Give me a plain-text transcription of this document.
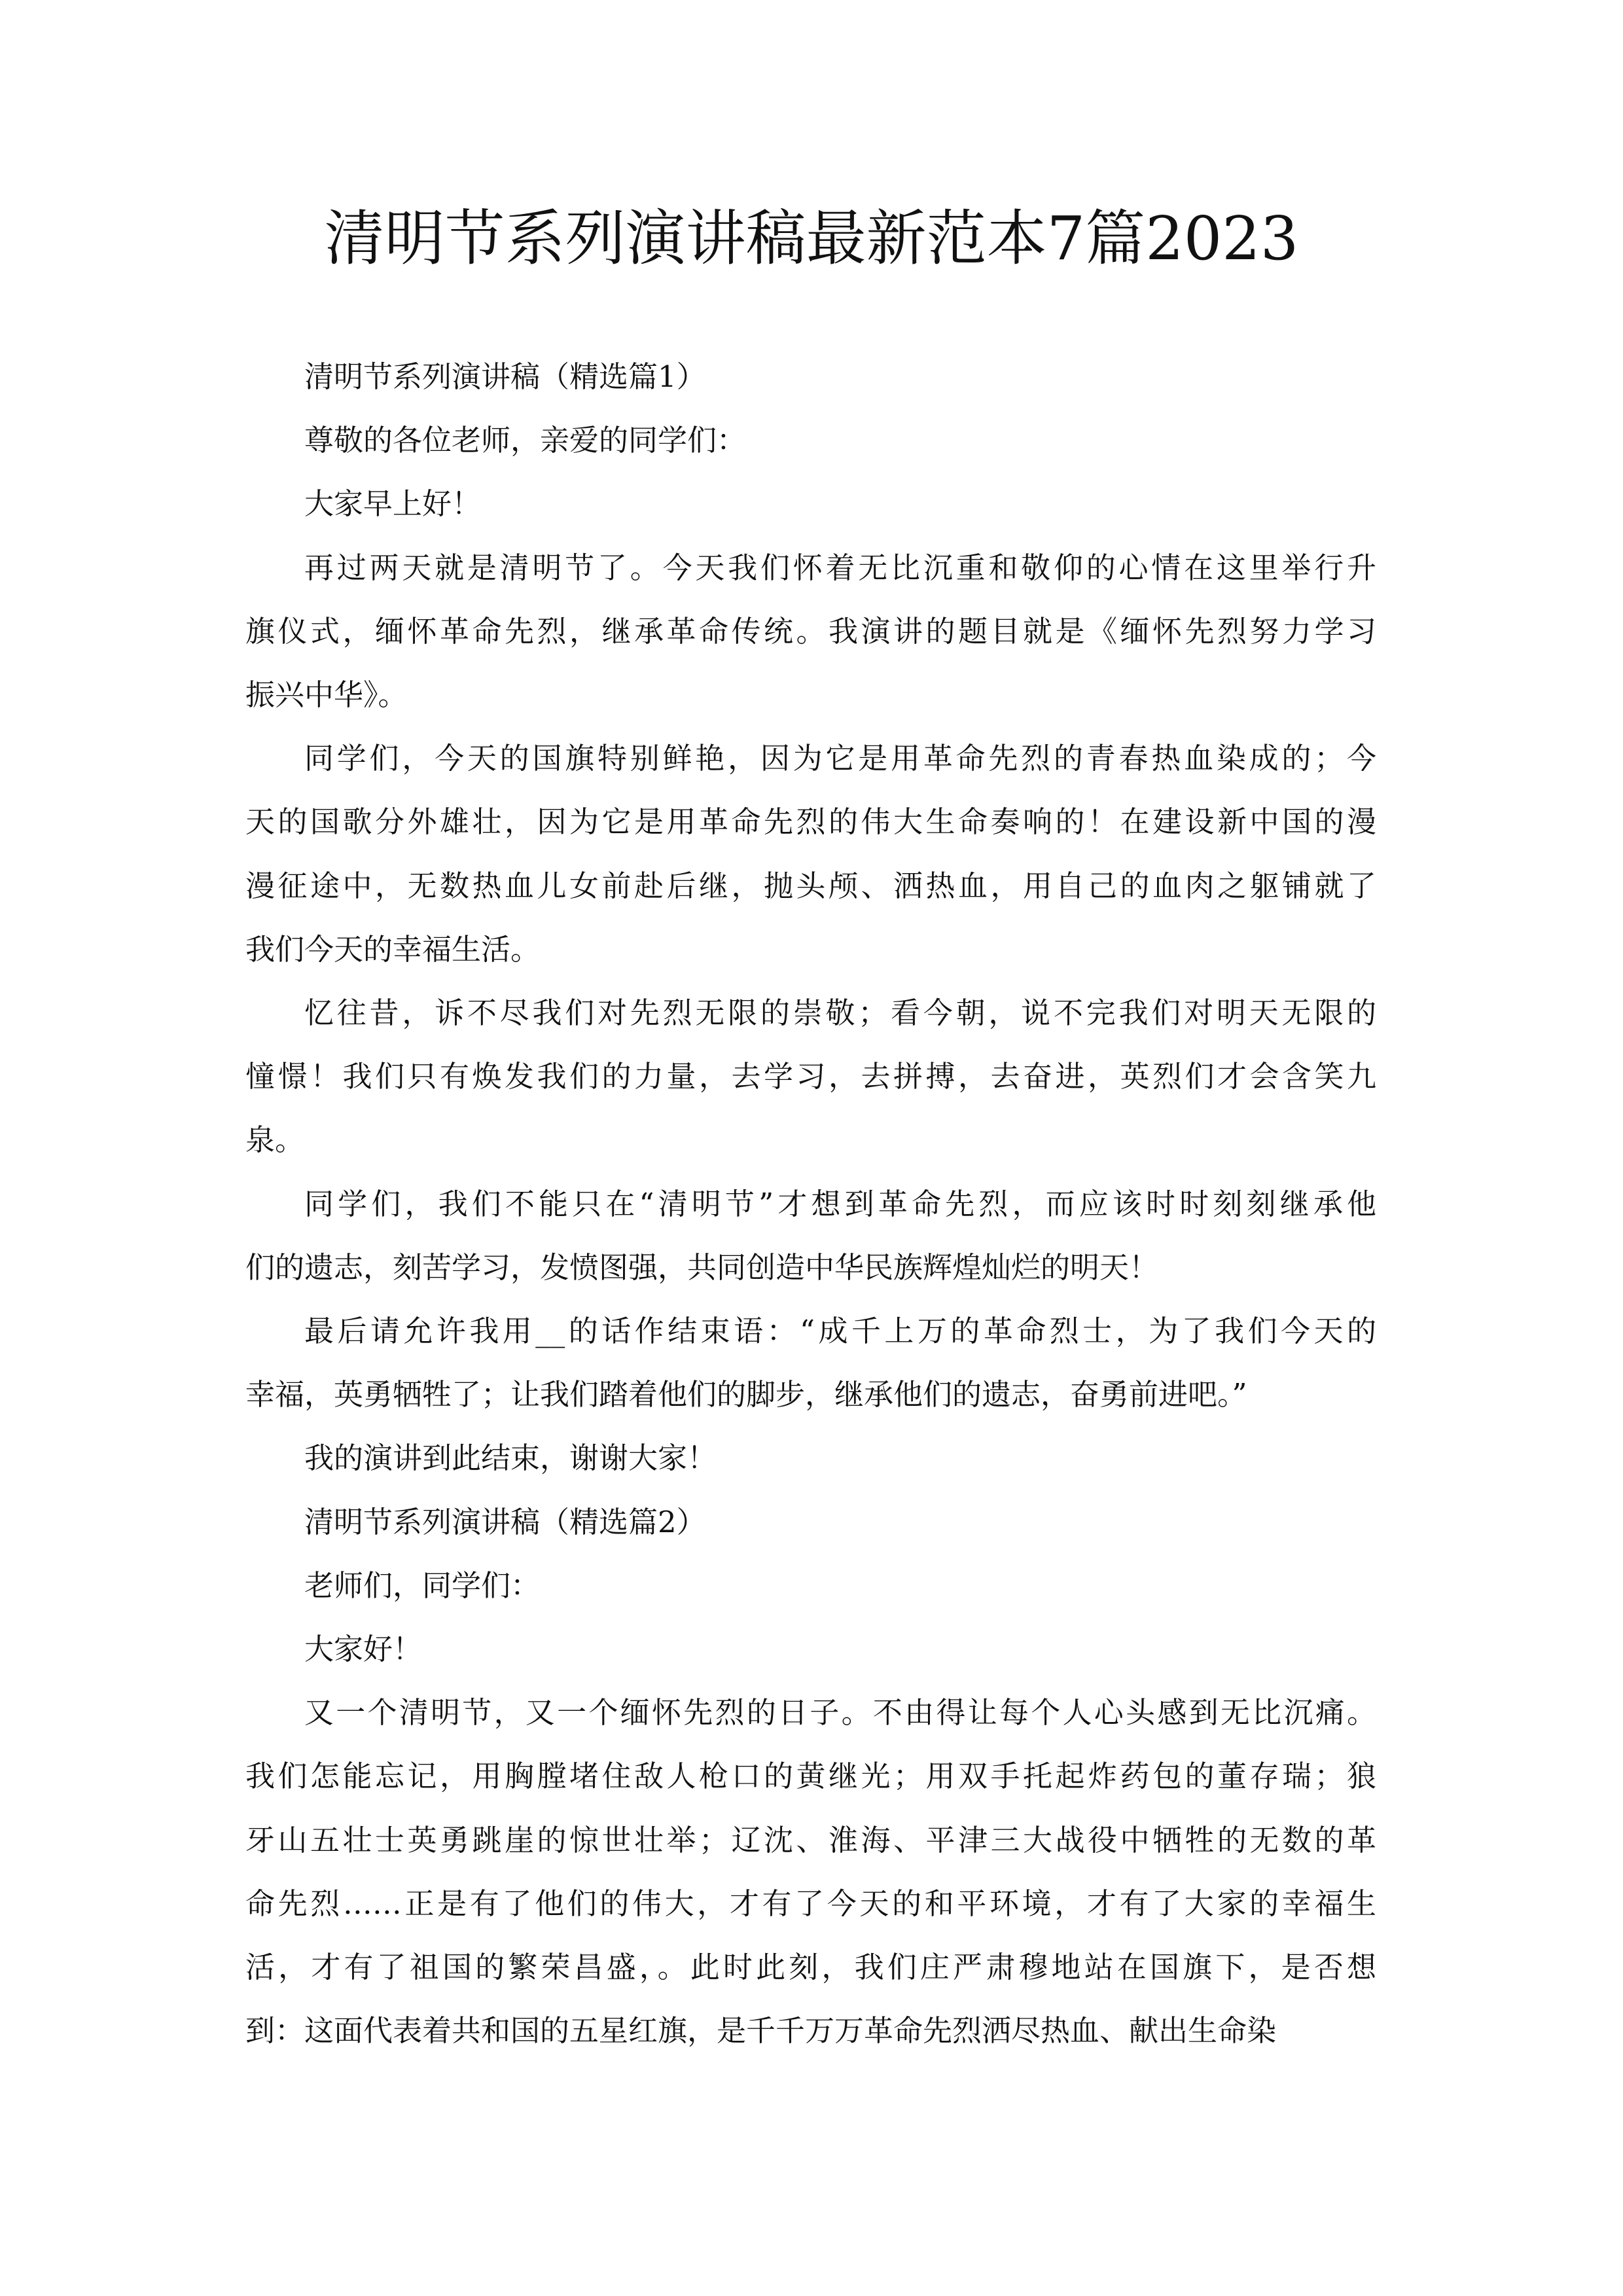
清明节系列演讲稿最新范本7篇2023
清明节系列演讲稿（精选篇1）
尊敬的各位老师，亲爱的同学们：
大家早上好！
再过两天就是清明节了。今天我们怀着无比沉重和敬仰的心情在这里举行升
旗仪式，缅怀革命先烈，继承革命传统。我演讲的题目就是《缅怀先烈努力学习
振兴中华》。
同学们，今天的国旗特别鲜艳，因为它是用革命先烈的青春热血染成的；今
天的国歌分外雄壮，因为它是用革命先烈的伟大生命奏响的！在建设新中国的漫
漫征途中，无数热血儿女前赴后继，抛头颅、洒热血，用自己的血肉之躯铺就了
我们今天的幸福生活。
忆往昔，诉不尽我们对先烈无限的崇敬；看今朝，说不完我们对明天无限的
憧憬！我们只有焕发我们的力量，去学习，去拼搏，去奋进，英烈们才会含笑九
泉。
同学们，我们不能只在“清明节”才想到革命先烈，而应该时时刻刻继承他
们的遗志，刻苦学习，发愤图强，共同创造中华民族辉煌灿烂的明天！
最后请允许我用__的话作结束语：“成千上万的革命烈士，为了我们今天的
幸福，英勇牺牲了；让我们踏着他们的脚步，继承他们的遗志，奋勇前进吧。”
我的演讲到此结束，谢谢大家！
清明节系列演讲稿（精选篇2）
老师们，同学们：
大家好！
又一个清明节，又一个缅怀先烈的日子。不由得让每个人心头感到无比沉痛。
我们怎能忘记，用胸膛堵住敌人枪口的黄继光；用双手托起炸药包的董存瑞；狼
牙山五壮士英勇跳崖的惊世壮举；辽沈、淮海、平津三大战役中牺牲的无数的革
命先烈……正是有了他们的伟大，才有了今天的和平环境，才有了大家的幸福生
活，才有了祖国的繁荣昌盛，。此时此刻，我们庄严肃穆地站在国旗下，是否想
到：这面代表着共和国的五星红旗，是千千万万革命先烈洒尽热血、献出生命染
